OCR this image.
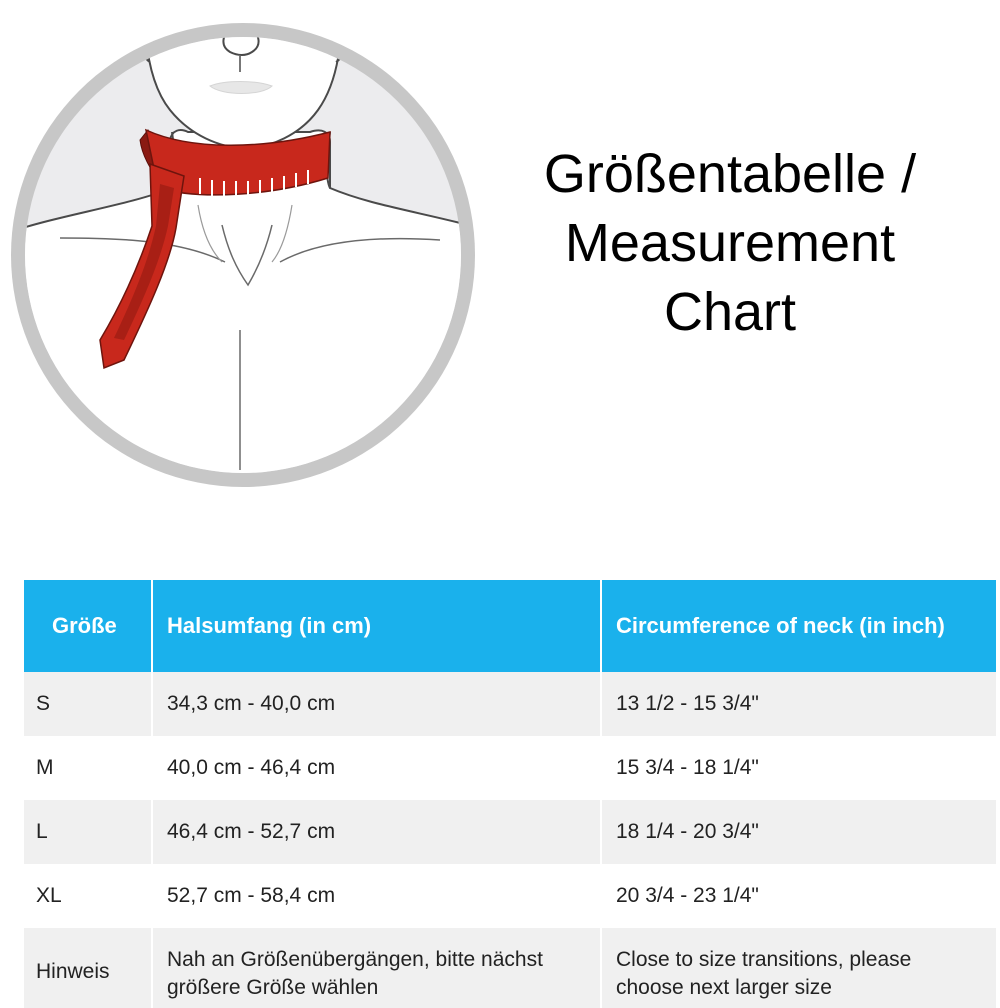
Größentabelle /
Measurement
Chart
Größe	Halsumfang (in cm)	Circumference of neck (in inch)
S	34,3 cm - 40,0 cm	13 1/2 - 15 3/4"
M	40,0 cm - 46,4 cm	15 3/4 - 18 1/4"
L	46,4 cm - 52,7 cm	18 1/4 - 20 3/4"
XL	52,7 cm - 58,4 cm	20 3/4 - 23 1/4"
Hinweis	Nah an Größenübergängen, bitte nächst größere Größe wählen	Close to size transitions, please choose next larger size
